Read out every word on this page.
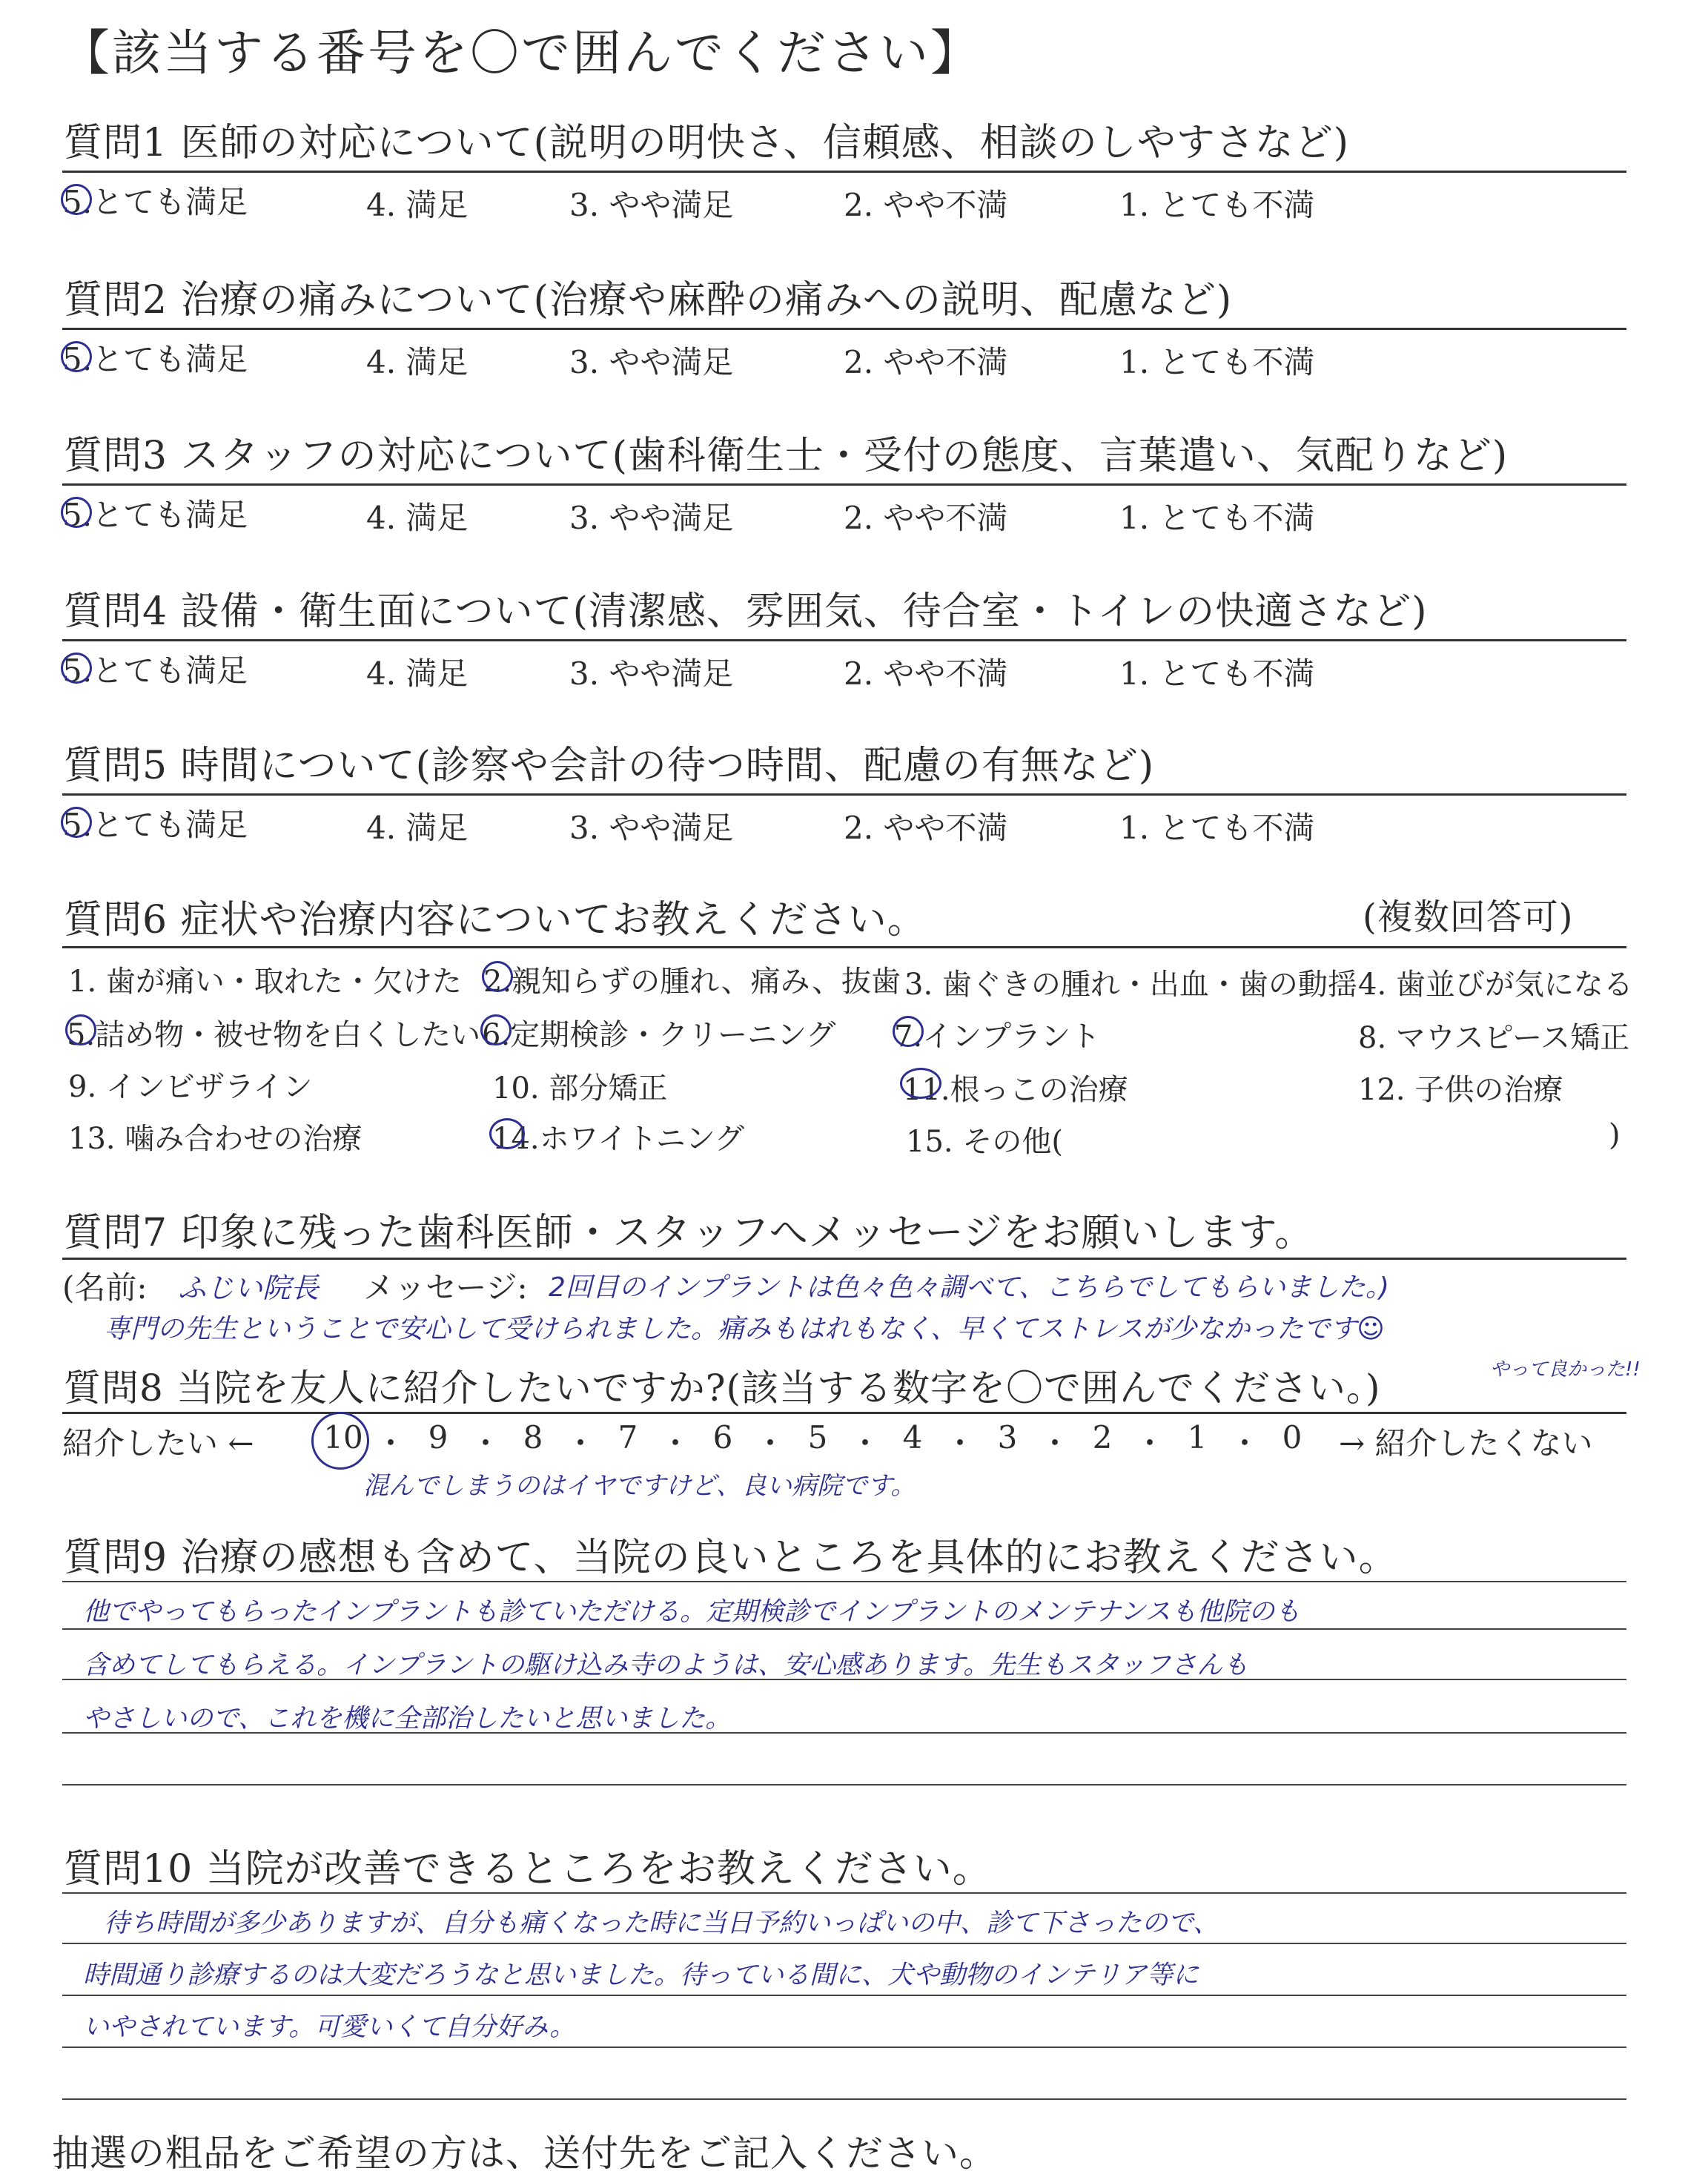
【該当する番号を〇で囲んでください】
質問1 医師の対応について(説明の明快さ、信頼感、相談のしやすさなど)
5.とても満足	4. 満足	3. やや満足	2. やや不満	1. とても不満
質問2 治療の痛みについて(治療や麻酔の痛みへの説明、配慮など)
5.とても満足	4. 満足	3. やや満足	2. やや不満	1. とても不満
質問3 スタッフの対応について(歯科衛生士・受付の態度、言葉遣い、気配りなど)
5.とても満足	4. 満足	3. やや満足	2. やや不満	1. とても不満
質問4 設備・衛生面について(清潔感、雰囲気、待合室・トイレの快適さなど)
5.とても満足	4. 満足	3. やや満足	2. やや不満	1. とても不満
質問5 時間について(診察や会計の待つ時間、配慮の有無など)
5.とても満足	4. 満足	3. やや満足	2. やや不満	1. とても不満
質問6 症状や治療内容についてお教えください。	(複数回答可)
1. 歯が痛い・取れた・欠けた 2.親知らずの腫れ、痛み、抜歯 3. 歯ぐきの腫れ・出血・歯の動揺 4. 歯並びが気になる
5.詰め物・被せ物を白くしたい 6.定期検診・クリーニング 7.インプラント	8. マウスピース矯正
9. インビザライン	10. 部分矯正	11.根っこの治療	12. 子供の治療
13. 噛み合わせの治療	14.ホワイトニング	15. その他(	)
質問7 印象に残った歯科医師・スタッフへメッセージをお願いします。
(名前: ふじい院長 メッセージ: 2回目のインプラントは色々色々調べて、こちらでしてもらいました。)
専門の先生ということで安心して受けられました。痛みもはれもなく、早くてストレスが少なかったです☺
やって良かった!!
質問8 当院を友人に紹介したいですか?(該当する数字を〇で囲んでください。)
紹介したい ←	10 ・ 9 ・ 8 ・ 7 ・ 6 ・ 5 ・ 4 ・ 3 ・ 2 ・ 1 ・ 0	→ 紹介したくない
混んでしまうのはイヤですけど、良い病院です。
質問9 治療の感想も含めて、当院の良いところを具体的にお教えください。
他でやってもらったインプラントも診ていただける。定期検診でインプラントのメンテナンスも他院のも
含めてしてもらえる。インプラントの駆け込み寺のようは、安心感あります。先生もスタッフさんも
やさしいので、これを機に全部治したいと思いました。
質問10 当院が改善できるところをお教えください。
待ち時間が多少ありますが、自分も痛くなった時に当日予約いっぱいの中、診て下さったので、
時間通り診療するのは大変だろうなと思いました。待っている間に、犬や動物のインテリア等に
いやされています。可愛いくて自分好み。
抽選の粗品をご希望の方は、送付先をご記入ください。
